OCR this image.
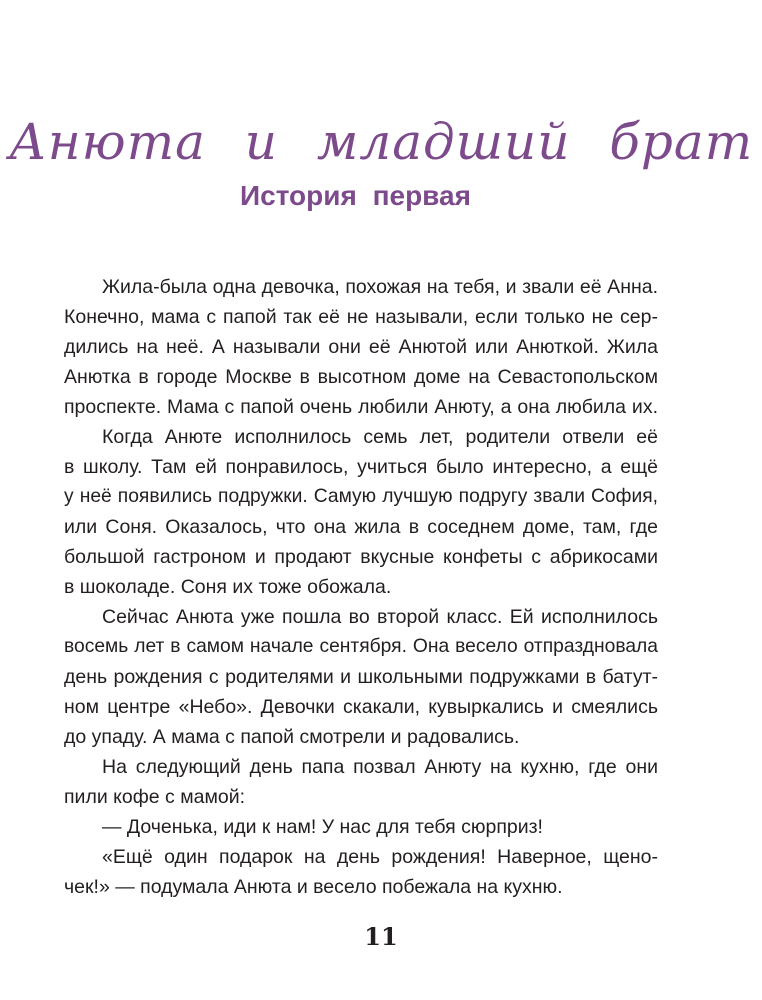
Анюта и младший брат
История первая
Жила-была одна девочка, похожая на тебя, и звали её Анна.
Конечно, мама с папой так её не называли, если только не сер-
дились на неё. А называли они её Анютой или Анюткой. Жила
Анютка в городе Москве в высотном доме на Севастопольском
проспекте. Мама с папой очень любили Анюту, а она любила их.
Когда Анюте исполнилось семь лет, родители отвели её
в школу. Там ей понравилось, учиться было интересно, а ещё
у неё появились подружки. Самую лучшую подругу звали София,
или Соня. Оказалось, что она жила в соседнем доме, там, где
большой гастроном и продают вкусные конфеты с абрикосами
в шоколаде. Соня их тоже обожала.
Сейчас Анюта уже пошла во второй класс. Ей исполнилось
восемь лет в самом начале сентября. Она весело отпраздновала
день рождения с родителями и школьными подружками в батут-
ном центре «Небо». Девочки скакали, кувыркались и смеялись
до упаду. А мама с папой смотрели и радовались.
На следующий день папа позвал Анюту на кухню, где они
пили кофе с мамой:
— Доченька, иди к нам! У нас для тебя сюрприз!
«Ещё один подарок на день рождения! Наверное, щено-
чек!» — подумала Анюта и весело побежала на кухню.
11
